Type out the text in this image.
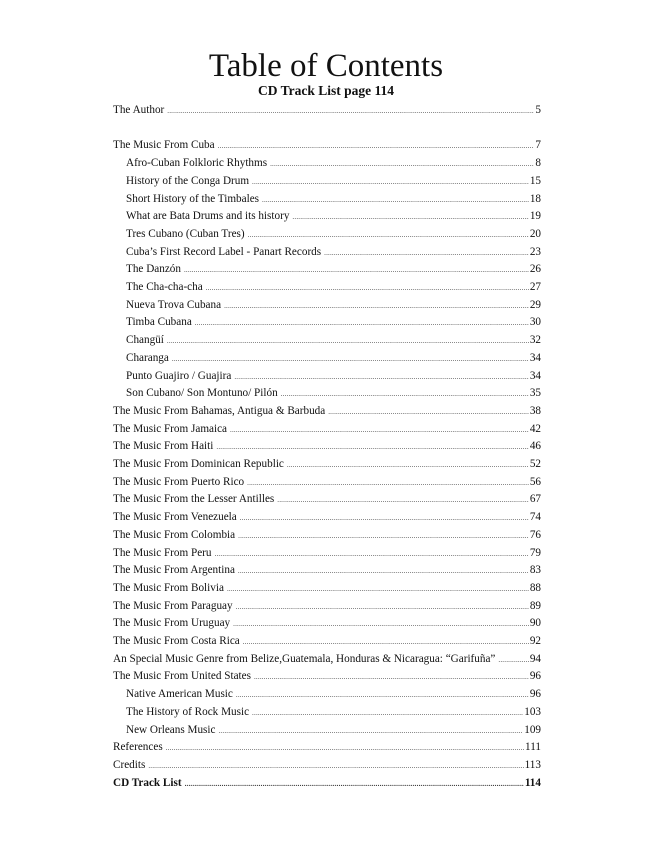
Table of Contents
CD Track List page 114
The Author .....	5
The Music From Cuba .....	7
Afro-Cuban Folkloric Rhythms .....	8
History of the Conga Drum .....	15
Short History of the Timbales .....	18
What are Bata Drums and its history .....	19
Tres Cubano (Cuban Tres) .....	20
Cuba’s First Record Label - Panart Records .....	23
The Danzón .....	26
The Cha-cha-cha .....	27
Nueva Trova Cubana .....	29
Timba Cubana .....	30
Changüí .....	32
Charanga .....	34
Punto Guajiro / Guajira .....	34
Son Cubano/ Son Montuno/ Pilón .....	35
The Music From Bahamas, Antigua & Barbuda .....	38
The Music From Jamaica .....	42
The Music From Haiti .....	46
The Music From Dominican Republic .....	52
The Music From Puerto Rico .....	56
The Music From the Lesser Antilles .....	67
The Music From Venezuela .....	74
The Music From Colombia .....	76
The Music From Peru .....	79
The Music From Argentina .....	83
The Music From Bolivia .....	88
The Music From Paraguay .....	89
The Music From Uruguay .....	90
The Music From Costa Rica .....	92
An Special Music Genre from Belize,Guatemala, Honduras & Nicaragua: “Garifuña” .....	94
The Music From United States .....	96
Native American Music .....	96
The History of Rock Music .....	103
New Orleans Music .....	109
References .....	111
Credits .....	113
CD Track List .....	114
